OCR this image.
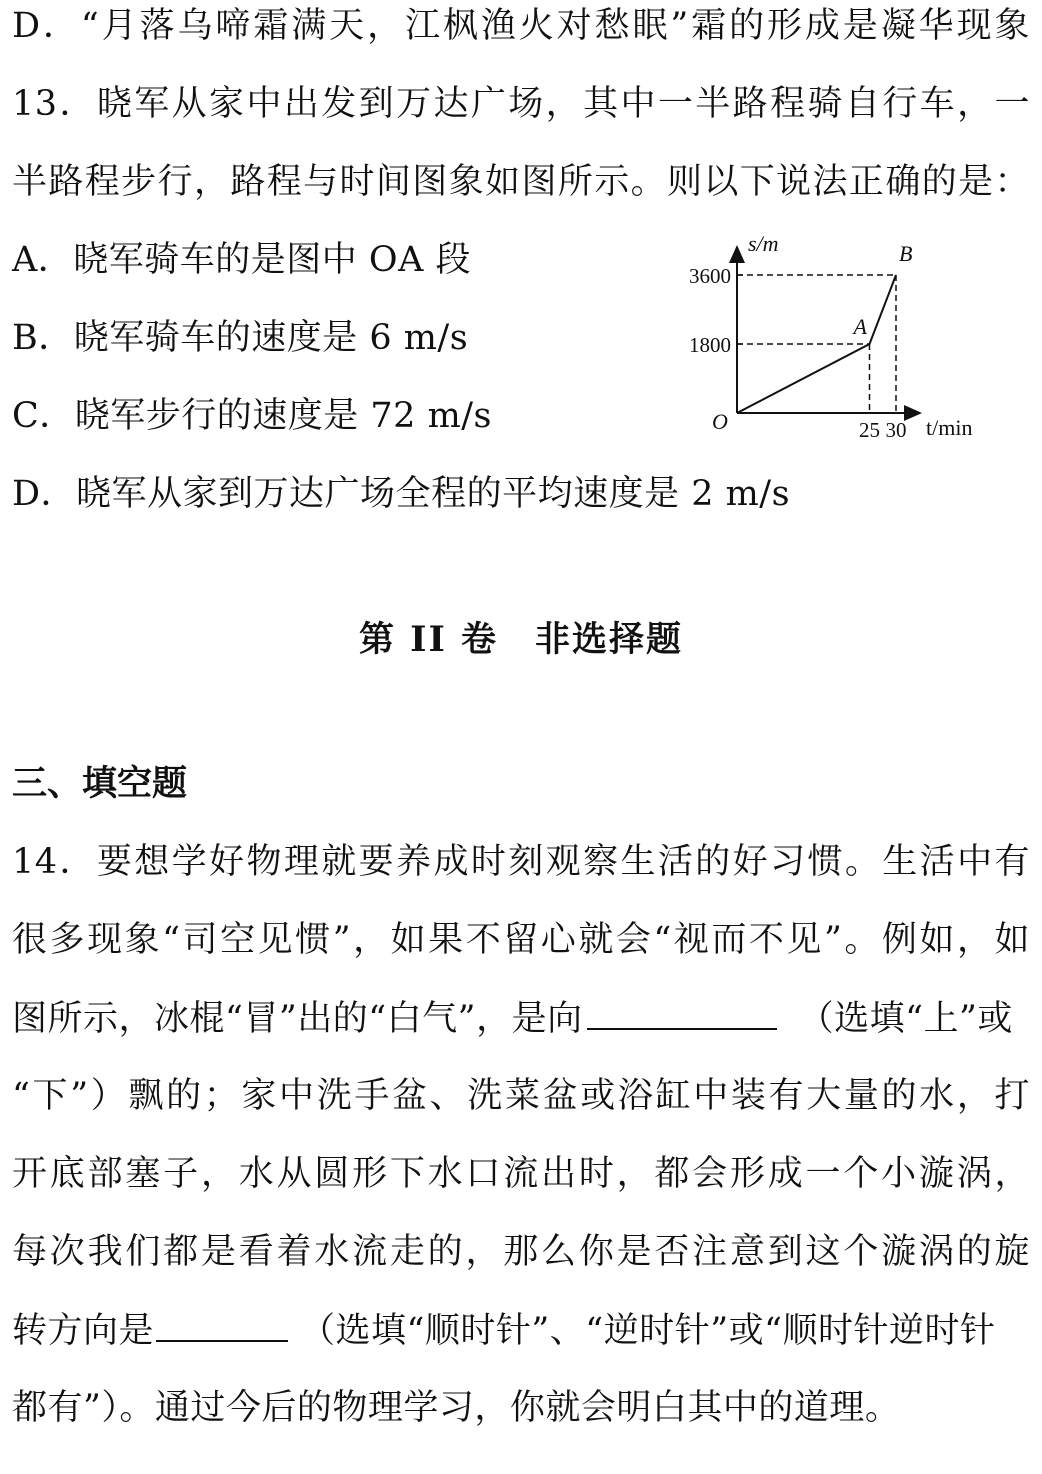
D．“月落乌啼霜满天，江枫渔火对愁眠”霜的形成是凝华现象
13．晓军从家中出发到万达广场，其中一半路程骑自行车，一
半路程步行，路程与时间图象如图所示。则以下说法正确的是：
A．晓军骑车的是图中 OA 段
B．晓军骑车的速度是 6 m/s
C．晓军步行的速度是 72 m/s
D．晓军从家到万达广场全程的平均速度是 2 m/s
s/m
t/min
O
1800
25
3600
30
A
B
第 II 卷　非选择题
三、填空题
14．要想学好物理就要养成时刻观察生活的好习惯。生活中有
很多现象“司空见惯”，如果不留心就会“视而不见”。例如，如
图所示，冰棍“冒”出的“白气”，是向	（选填“上”或
“下”）飘的；家中洗手盆、洗菜盆或浴缸中装有大量的水，打
开底部塞子，水从圆形下水口流出时，都会形成一个小漩涡，
每次我们都是看着水流走的，那么你是否注意到这个漩涡的旋
转方向是	（选填“顺时针”、“逆时针”或“顺时针逆时针
都有”）。通过今后的物理学习，你就会明白其中的道理。
